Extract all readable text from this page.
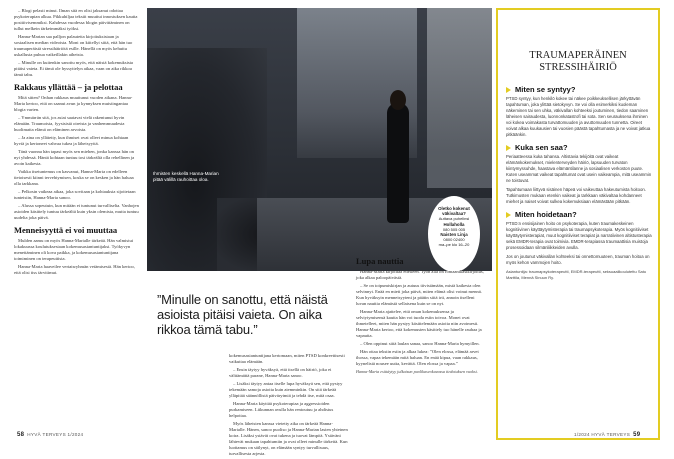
– Blogi pelasti minut. Ilman sitä en olisi jaksanut odottaa psykoterapian alkua. Pikkuhiljaa tekstit muuttui innostuksen kautta positiivisemmiksi. Kahdessa vuodessa blogin päivittäminen on tullut melkein tärkeimmäksi työksi.

Hanna-Marian saa palljon palautetta kirjoituksistaan ja sosiaalisen median videoista. Moni on kiitellyt siitä, että hän tuo traumaperäistä stressihäiriötä esille. Hänellä on myös kehuttu uskallusta puhua vaikeillakin aiheista.

– Minulle on kuitenkin sanottu myös, että näistä kokemuksista pitäisi vaieta. Ei tämä ole hyssyttelyn aikaa, vaan on aika rikkoa tämä tabu.

Rakkaus yllättää – ja pelottaa

Mitä sitten? Onhan rakkaus muuttunut vuoden aikana. Hanna-Maria kertoo, että on saanut avun ja kynnyksen muistingantaa blogia varten.

– Ymmärrän sitä, jos asiat saatavat vielä rakentunut hyvin elämään. Traumoista, fyysisistä oireista ja vanhemmuudesta huolimatta elämä on eläminen arvoista.

– Ja aina on yllätetty, kun ihmiset ovat olleet minua kohtaan hyviä ja kertoneet vahvaa tukea ja läheisyyttä.

Tänä vuonna hän tapasi myös sen miehen, jonka kanssa hän on nyt yhdessä. Häntä kohtaan tuntuu tosi tärkeältä olla rehellinen ja avoin kaikesta.

Vaikka itsetuntemus on kasvanut, Hanna-Maria on edelleen tietoisesti kiinni tervehtymisen, koska se on kesken ja hän haluaa olla tarkkana.

– Pelkosin vaikeaa aikaa, joka sovitaan ja kohtauksia sijoitetaan tunteisiin, Hanna-Maria sanoo.

– Alussa sopeutuin, kun mitään ei tuntunut turvalliselta. Vanhojen asioiden käsittely tuntuu tärkeältä kuin yksin olemista, mutta tuntuu uudelta joka päivä.

Menneisyyttä ei voi muuttaa

Mulden aamu on myös Hanna-Marialle tärkeää. Hän valmistui lokakuussa koulutuksestaan kokemusasiantuntijaksi. Työkyvyn menettäminen oli kova paikka, ja kokemusasiantuntijana toimiminen on terapeuttista.

Hanna-Maria haaveilee vertaisryhmän vetämisestä. Hän kertoo, että olisi tiss tärvitimut.

Ihmisten keskellä Hanna-Marian pitää välillä rauhoittaa oloa.
Oletko kokenut väkivaltaa?
Auttava puhelinsi
Hollaholla
080 505 005
Naisten Linja
0800 02400
ma–pe klo 16–20
”Minulle on sanottu, että näistä asioista pitäisi vaieta. On aika rikkoa tämä tabu.”

kokemusasiantuntijana kertomaan, miten PTSD konkreettisesti vaikuttaa elämään.

– Ensin täytyy hyväksyä, että itsellä on häiriö, joka ei välttämättä parane, Hanna-Maria sanoo.

– Lisäksi täytyy antaa itselle lupa hyväksyä sen, että pystyy tekemään samoja asioita kuin aiemminkin. On sitä tärkeää ylläpitää säännöllistä päivärytmiä ja tehdä itse, mitä osaa.

Hanna-Maria käyttää psykoterapiaa ja aggressioiden purkamiseen. Liikunnan avulla hän rentoutuu ja ahdistus helpottaa.

Myös läheisten kanssa vietetty aika on tärkeää Hanna-Marialle. Hänen, sanoo puoliso ja Hanna-Marian lasten yhteinen koira. Lisäksi ystävät ovat tukena ja tuovat lämpöä. Ystäväni lähtevät mukaan tapahtumiin ja ovat olleet minulle tärkeitä. Kun luottamus on säilynyt, on elämään syntyy turvallisuus, turvallisesta arjesta.

Lupa nauttia

Hanna-Maria kirjoittaa edelleen. Työn alla on romaanikäsikirjoitus, joka alkaa paloopäivästä.

– Se on toipumiskirjan ja autuus tiivistämään, mistä kaikesta olen selvinnyt. Enää en mieti joka päivä, miten elämä olisi voinut mennä. Kun hyväksyin menneisyyteni ja päätin siitä irti, annoin itselleni luvan nauttia elämästä sellaisena kuin se on nyt.

Hanna-Maria ajattelee, että oman kokemuksensa ja selviytymisensä kautta hän voi tuoda esiin toivoa. Monet ovat ihmetelleet, miten hän pystyy käsittelemään asioita niin avoimesti. Hanna-Maria kertoo, että kokemusten käsittely tuo hänelle rauhaa ja vapautta.

– Olen oppinut siitä laulan sanaa, sanoo Hanna-Maria hymyillen.

Hän ottaa tekstin esiin ja alkaa lukea: ”Olen elossa, elämää arvet ihossa, vapaa tekemään mitä haluan. En enää kipua, vaan rakkaus, kyynelistä nousee uutta, kevättä. Olen elossa ja vapaa.”

Hanna-Maria esittäytyy julkaisun puolikasvokuvassa tiedotuksen vuoksi.
TRAUMAPERÄINEN STRESSIHÄIRIÖ
Miten se syntyy?

PTSD syntyy, kun henkilö kokee tai näkee poikkeuksellisen järkyttävän tapahtuman, joka ylittää sietokyvyn. Se voi olla esimerkiksi kuoleman näkeminen tai sen uhka, väkivallan kohteeksi joutuminen, tiedon saaminen läheisen sairaudesta, luonnonkatastrofi tai sota. Sen seurauksena ihminen voi kokea voimakasta turvattomuuden ja avuttomuuden tunnetta. Oireet voivat alkaa kuukausien tai vuosien päästä tapahtumasta ja ne voivat jatkua pitkäänkin.

Kuka sen saa?

Periaatteessa kuka tahansa. Altistavia tekijöitä ovat vaikeat elämänkokemukset, mielenterveyden häiriö, lapsuuden turvaton kiintymyssuhde, haastava elämäntilanne ja sosiaalisen verkoston puute. Kuten useammat vaikeat tapahtumat ovat usein vaikeampia, mitä useammin ne toistuvat.

Tapahtumaan liittyvä sisäinen häpeä voi vaikeuttaa hakeutumista hoitoon. Tutkimusten mukaan etenkin vaikeat ja tarkkaan väkivaltaa kohdanneet miehet ja naiset voivat sulkea kokemuksiaan elämästään pitkään.

Miten hoidetaan?

PTSD:n ensisijainen hoito on psykoterapia, kuten traumakeskeinen kognitiivinen käyttäytymisterapia tai traumapsykoterapia. Myös kognitiiviset käyttäytymisterapiat, muut kognitiiviset terapiat ja narratiivinen altistusterapia sekä EMDR-terapia ovat toimivia. EMDR-terapiassa traumaattisia muistoja prosessoidaan silmänliikkeiden avulla.

Jos on joutunut väkivallan kohteeksi tai onnettomuuteen, trauman hoitoa on myös kehon vammojen hoito.

Asiantuntija: traumapsykoterapeutti, EMDR-terapeutti, seksuaalikoulutettu Satu Marttila, Mennä Sinuun Ry.
58 HYVÄ TERVEYS 1/2024	1/2024 HYVÄ TERVEYS 59
